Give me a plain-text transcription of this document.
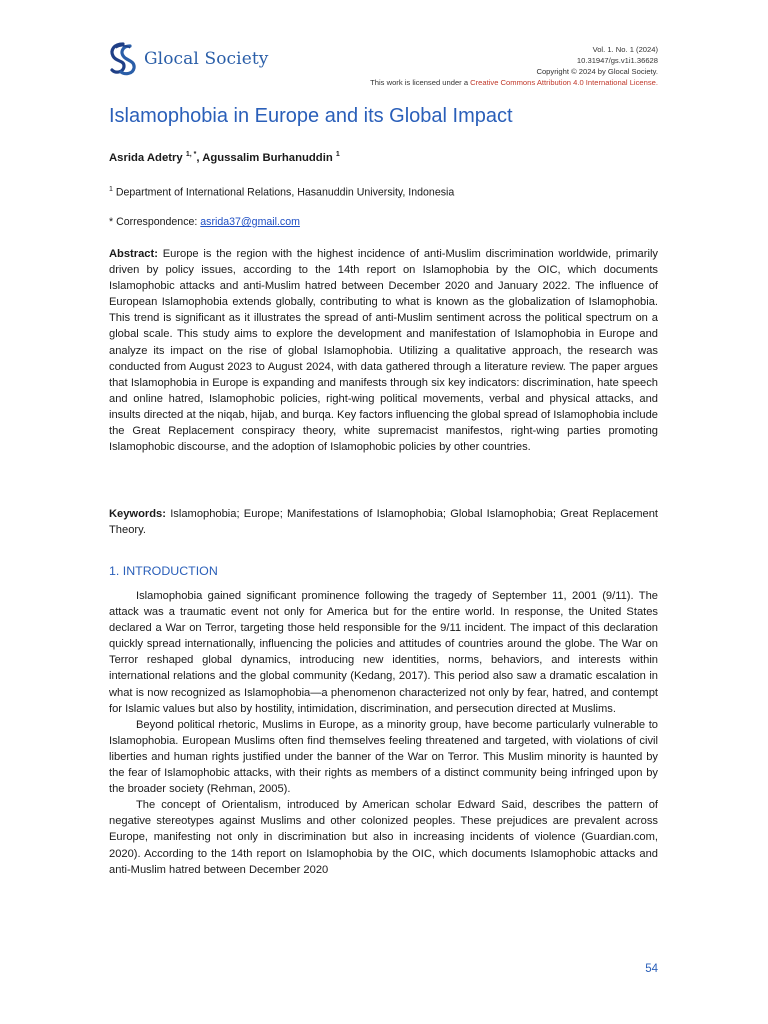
Glocal Society	Vol. 1. No. 1 (2024)
10.31947/gs.v1i1.36628
Copyright © 2024 by Glocal Society.
This work is licensed under a Creative Commons Attribution 4.0 International License.
Islamophobia in Europe and its Global Impact
Asrida Adetry $^{1, *}$, Agussalim Burhanuddin $^1$
$^1$ Department of International Relations, Hasanuddin University, Indonesia
* Correspondence: asrida37@gmail.com
Abstract: Europe is the region with the highest incidence of anti-Muslim discrimination worldwide, primarily driven by policy issues, according to the 14th report on Islamophobia by the OIC, which documents Islamophobic attacks and anti-Muslim hatred between December 2020 and January 2022. The influence of European Islamophobia extends globally, contributing to what is known as the globalization of Islamophobia. This trend is significant as it illustrates the spread of anti-Muslim sentiment across the political spectrum on a global scale. This study aims to explore the development and manifestation of Islamophobia in Europe and analyze its impact on the rise of global Islamophobia. Utilizing a qualitative approach, the research was conducted from August 2023 to August 2024, with data gathered through a literature review. The paper argues that Islamophobia in Europe is expanding and manifests through six key indicators: discrimination, hate speech and online hatred, Islamophobic policies, right-wing political movements, verbal and physical attacks, and insults directed at the niqab, hijab, and burqa. Key factors influencing the global spread of Islamophobia include the Great Replacement conspiracy theory, white supremacist manifestos, right-wing parties promoting Islamophobic discourse, and the adoption of Islamophobic policies by other countries.
Keywords: Islamophobia; Europe; Manifestations of Islamophobia; Global Islamophobia; Great Replacement Theory.
1. INTRODUCTION

Islamophobia gained significant prominence following the tragedy of September 11, 2001 (9/11). The attack was a traumatic event not only for America but for the entire world. In response, the United States declared a War on Terror, targeting those held responsible for the 9/11 incident. The impact of this declaration quickly spread internationally, influencing the policies and attitudes of countries around the globe. The War on Terror reshaped global dynamics, introducing new identities, norms, behaviors, and interests within international relations and the global community (Kedang, 2017). This period also saw a dramatic escalation in what is now recognized as Islamophobia—a phenomenon characterized not only by fear, hatred, and contempt for Islamic values but also by hostility, intimidation, discrimination, and persecution directed at Muslims.

Beyond political rhetoric, Muslims in Europe, as a minority group, have become particularly vulnerable to Islamophobia. European Muslims often find themselves feeling threatened and targeted, with violations of civil liberties and human rights justified under the banner of the War on Terror. This Muslim minority is haunted by the fear of Islamophobic attacks, with their rights as members of a distinct community being infringed upon by the broader society (Rehman, 2005).

The concept of Orientalism, introduced by American scholar Edward Said, describes the pattern of negative stereotypes against Muslims and other colonized peoples. These prejudices are prevalent across Europe, manifesting not only in discrimination but also in increasing incidents of violence (Guardian.com, 2020). According to the 14th report on Islamophobia by the OIC, which documents Islamophobic attacks and anti-Muslim hatred between December 2020

54
